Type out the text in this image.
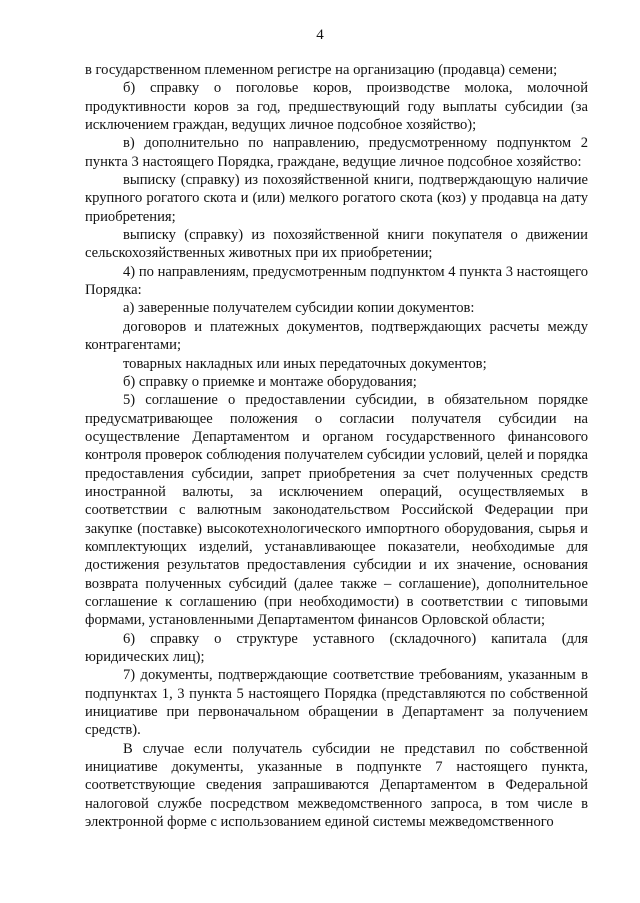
4

в государственном племенном регистре на организацию (продавца) семени;

б) справку о поголовье коров, производстве молока, молочной продуктивности коров за год, предшествующий году выплаты субсидии (за исключением граждан, ведущих личное подсобное хозяйство);

в) дополнительно по направлению, предусмотренному подпунктом 2 пункта 3 настоящего Порядка, граждане, ведущие личное подсобное хозяйство:

выписку (справку) из похозяйственной книги, подтверждающую наличие крупного рогатого скота и (или) мелкого рогатого скота (коз) у продавца на дату приобретения;

выписку (справку) из похозяйственной книги покупателя о движении сельскохозяйственных животных при их приобретении;

4) по направлениям, предусмотренным подпунктом 4 пункта 3 настоящего Порядка:

а) заверенные получателем субсидии копии документов:

договоров и платежных документов, подтверждающих расчеты между контрагентами;

товарных накладных или иных передаточных документов;

б) справку о приемке и монтаже оборудования;

5) соглашение о предоставлении субсидии, в обязательном порядке предусматривающее положения о согласии получателя субсидии на осуществление Департаментом и органом государственного финансового контроля проверок соблюдения получателем субсидии условий, целей и порядка предоставления субсидии, запрет приобретения за счет полученных средств иностранной валюты, за исключением операций, осуществляемых в соответствии с валютным законодательством Российской Федерации при закупке (поставке) высокотехнологического импортного оборудования, сырья и комплектующих изделий, устанавливающее показатели, необходимые для достижения результатов предоставления субсидии и их значение, основания возврата полученных субсидий (далее также – соглашение), дополнительное соглашение к соглашению (при необходимости) в соответствии с типовыми формами, установленными Департаментом финансов Орловской области;

6) справку о структуре уставного (складочного) капитала (для юридических лиц);

7) документы, подтверждающие соответствие требованиям, указанным в подпунктах 1, 3 пункта 5 настоящего Порядка (представляются по собственной инициативе при первоначальном обращении в Департамент за получением средств).

В случае если получатель субсидии не представил по собственной инициативе документы, указанные в подпункте 7 настоящего пункта, соответствующие сведения запрашиваются Департаментом в Федеральной налоговой службе посредством межведомственного запроса, в том числе в электронной форме с использованием единой системы межведомственного
